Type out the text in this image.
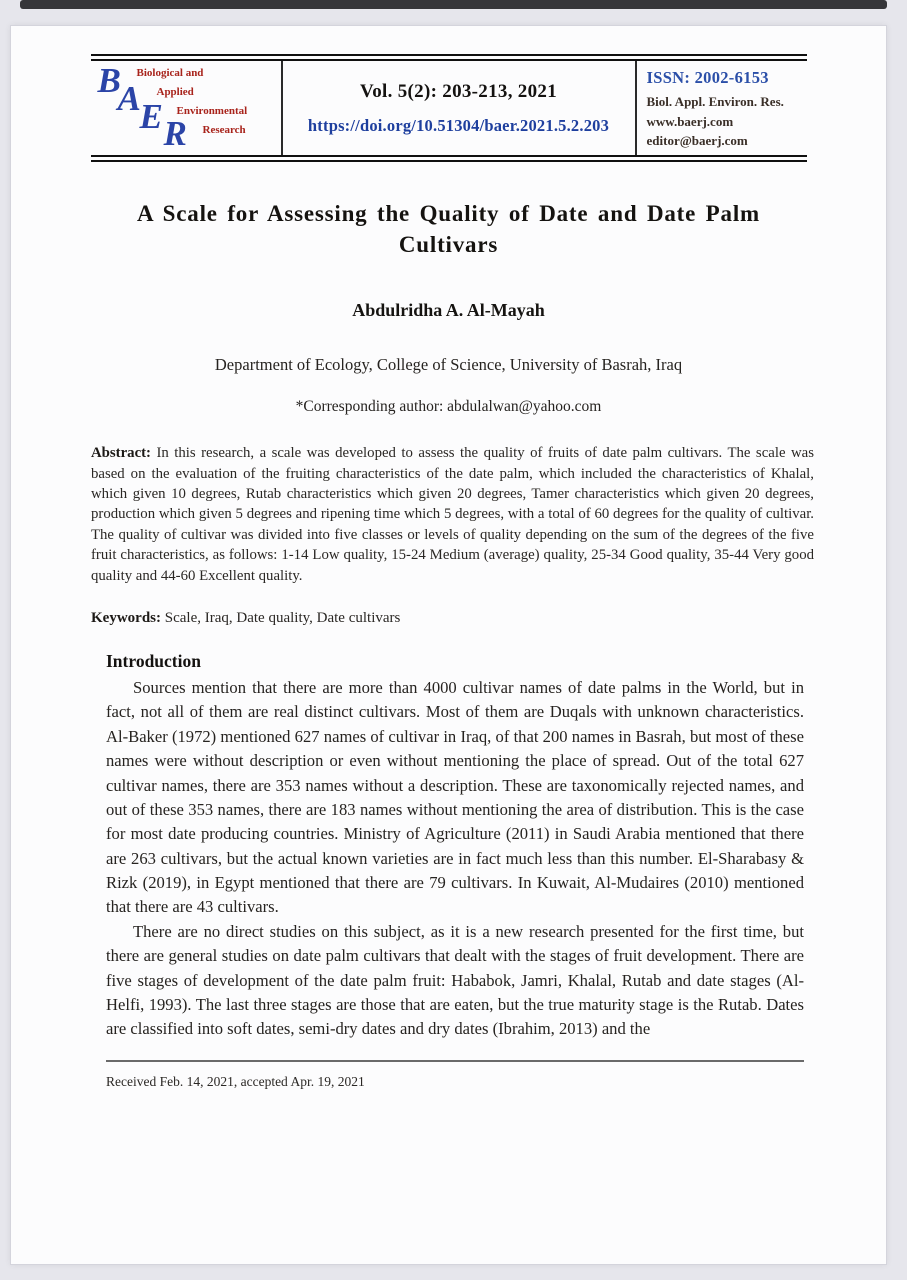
B
A
E R
Biological and
Applied
Environmental
Research
Vol. 5(2): 203-213, 2021
https://doi.org/10.51304/baer.2021.5.2.203
ISSN: 2002-6153
Biol. Appl. Environ. Res.
www.baerj.com
editor@baerj.com
A Scale for Assessing the Quality of Date and Date Palm Cultivars
Abdulridha A. Al-Mayah
Department of Ecology, College of Science, University of Basrah, Iraq
*Corresponding author: abdulalwan@yahoo.com

Abstract: In this research, a scale was developed to assess the quality of fruits of date palm cultivars. The scale was based on the evaluation of the fruiting characteristics of the date palm, which included the characteristics of Khalal, which given 10 degrees, Rutab characteristics which given 20 degrees, Tamer characteristics which given 20 degrees, production which given 5 degrees and ripening time which 5 degrees, with a total of 60 degrees for the quality of cultivar. The quality of cultivar was divided into five classes or levels of quality depending on the sum of the degrees of the five fruit characteristics, as follows: 1-14 Low quality, 15-24 Medium (average) quality, 25-34 Good quality, 35-44 Very good quality and 44-60 Excellent quality.

Keywords: Scale, Iraq, Date quality, Date cultivars

Introduction

Sources mention that there are more than 4000 cultivar names of date palms in the World, but in fact, not all of them are real distinct cultivars. Most of them are Duqals with unknown characteristics. Al-Baker (1972) mentioned 627 names of cultivar in Iraq, of that 200 names in Basrah, but most of these names were without description or even without mentioning the place of spread. Out of the total 627 cultivar names, there are 353 names without a description. These are taxonomically rejected names, and out of these 353 names, there are 183 names without mentioning the area of distribution. This is the case for most date producing countries. Ministry of Agriculture (2011) in Saudi Arabia mentioned that there are 263 cultivars, but the actual known varieties are in fact much less than this number. El-Sharabasy & Rizk (2019), in Egypt mentioned that there are 79 cultivars. In Kuwait, Al-Mudaires (2010) mentioned that there are 43 cultivars.

There are no direct studies on this subject, as it is a new research presented for the first time, but there are general studies on date palm cultivars that dealt with the stages of fruit development. There are five stages of development of the date palm fruit: Hababok, Jamri, Khalal, Rutab and date stages (Al-Helfi, 1993). The last three stages are those that are eaten, but the true maturity stage is the Rutab. Dates are classified into soft dates, semi-dry dates and dry dates (Ibrahim, 2013) and the

Received Feb. 14, 2021, accepted Apr. 19, 2021
